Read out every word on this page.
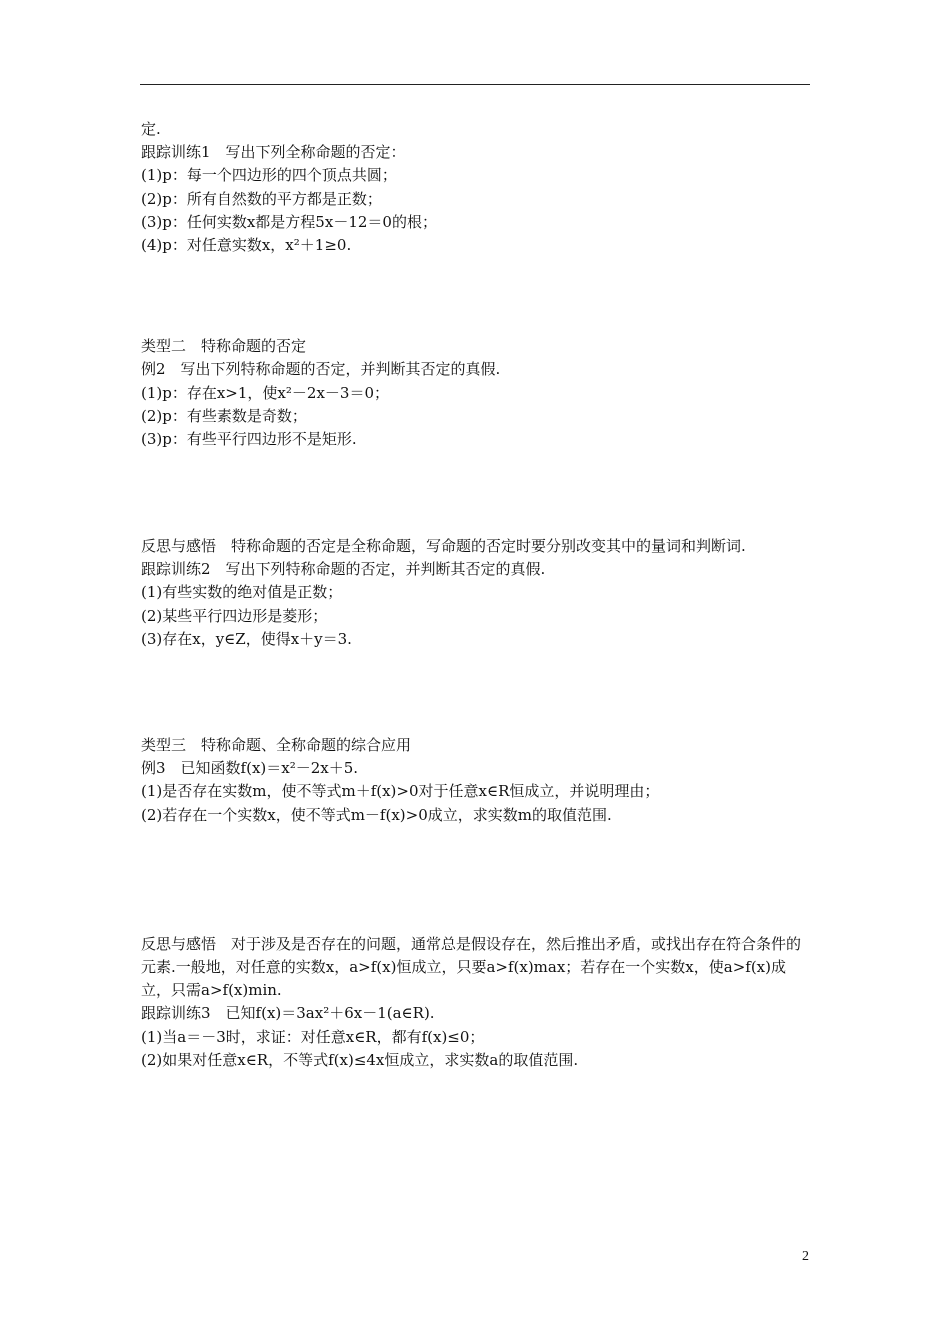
定.
跟踪训练1　写出下列全称命题的否定：
(1)p：每一个四边形的四个顶点共圆；
(2)p：所有自然数的平方都是正数；
(3)p：任何实数x都是方程5x－12＝0的根；
(4)p：对任意实数x，x²＋1≥0.
类型二　特称命题的否定
例2　写出下列特称命题的否定，并判断其否定的真假.
(1)p：存在x>1，使x²－2x－3＝0；
(2)p：有些素数是奇数；
(3)p：有些平行四边形不是矩形.
反思与感悟　特称命题的否定是全称命题，写命题的否定时要分别改变其中的量词和判断词.
跟踪训练2　写出下列特称命题的否定，并判断其否定的真假.
(1)有些实数的绝对值是正数；
(2)某些平行四边形是菱形；
(3)存在x，y∈Z，使得x＋y＝3.
类型三　特称命题、全称命题的综合应用
例3　已知函数f(x)＝x²－2x＋5.
(1)是否存在实数m，使不等式m＋f(x)>0对于任意x∈R恒成立，并说明理由；
(2)若存在一个实数x，使不等式m－f(x)>0成立，求实数m的取值范围.
反思与感悟　对于涉及是否存在的问题，通常总是假设存在，然后推出矛盾，或找出存在符合条件的元素.一般地，对任意的实数x，a>f(x)恒成立，只要a>f(x)max；若存在一个实数x，使a>f(x)成立，只需a>f(x)min.
跟踪训练3　已知f(x)＝3ax²＋6x－1(a∈R).
(1)当a＝－3时，求证：对任意x∈R，都有f(x)≤0；
(2)如果对任意x∈R，不等式f(x)≤4x恒成立，求实数a的取值范围.
2
